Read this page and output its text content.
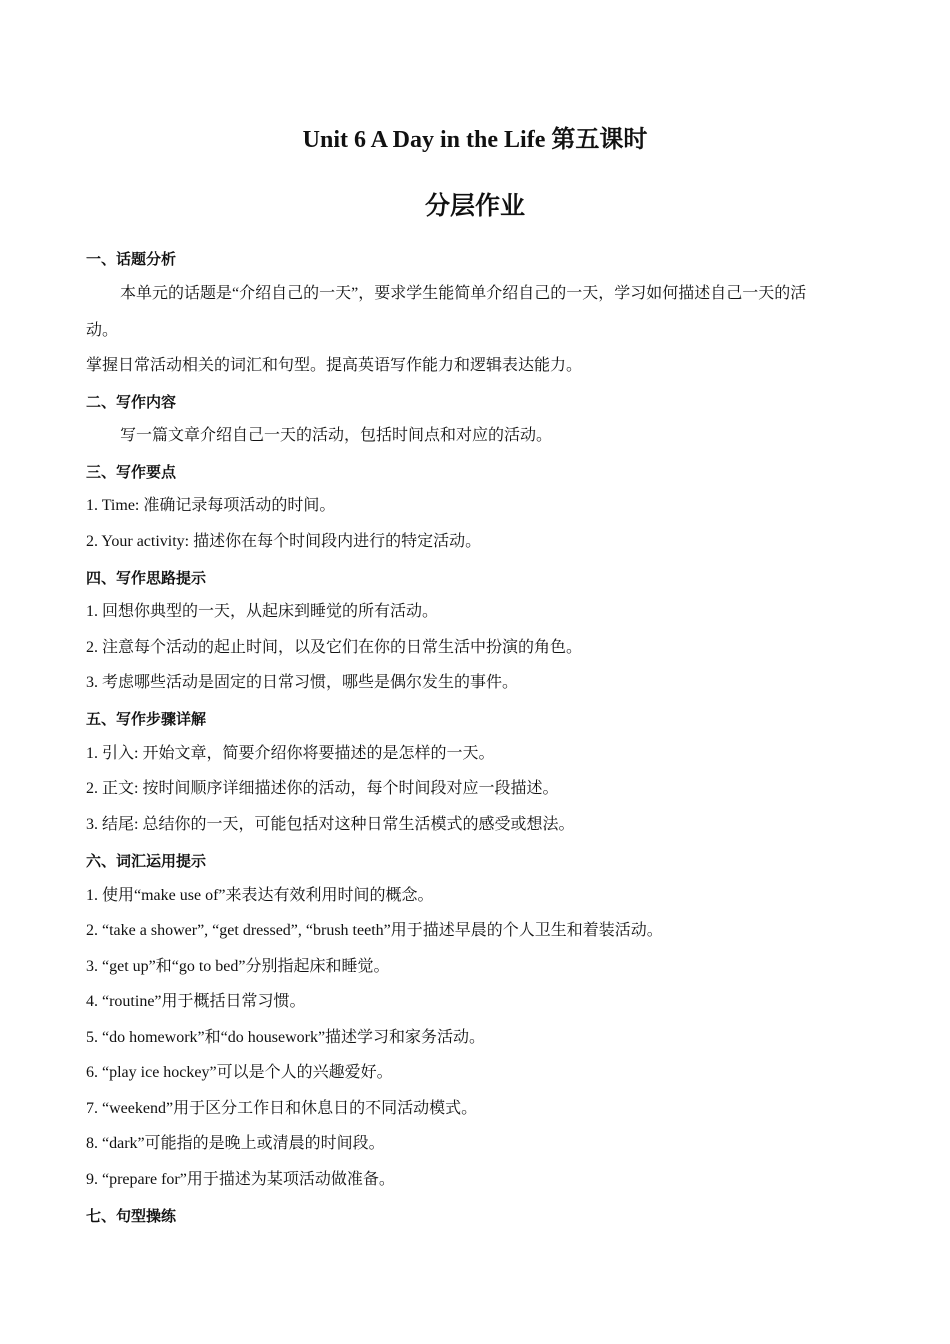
Unit 6 A Day in the Life 第五课时
分层作业
一、话题分析
本单元的话题是“介绍自己的一天”，要求学生能简单介绍自己的一天，学习如何描述自己一天的活
动。
掌握日常活动相关的词汇和句型。提高英语写作能力和逻辑表达能力。
二、写作内容
写一篇文章介绍自己一天的活动，包括时间点和对应的活动。
三、写作要点
1. Time: 准确记录每项活动的时间。
2. Your activity: 描述你在每个时间段内进行的特定活动。
四、写作思路提示
1. 回想你典型的一天，从起床到睡觉的所有活动。
2. 注意每个活动的起止时间，以及它们在你的日常生活中扮演的角色。
3. 考虑哪些活动是固定的日常习惯，哪些是偶尔发生的事件。
五、写作步骤详解
1. 引入: 开始文章，简要介绍你将要描述的是怎样的一天。
2. 正文: 按时间顺序详细描述你的活动，每个时间段对应一段描述。
3. 结尾: 总结你的一天，可能包括对这种日常生活模式的感受或想法。
六、词汇运用提示
1. 使用“make use of”来表达有效利用时间的概念。
2. “take a shower”, “get dressed”, “brush teeth”用于描述早晨的个人卫生和着装活动。
3. “get up”和“go to bed”分别指起床和睡觉。
4. “routine”用于概括日常习惯。
5. “do homework”和“do housework”描述学习和家务活动。
6. “play ice hockey”可以是个人的兴趣爱好。
7. “weekend”用于区分工作日和休息日的不同活动模式。
8. “dark”可能指的是晚上或清晨的时间段。
9. “prepare for”用于描述为某项活动做准备。
七、句型操练
